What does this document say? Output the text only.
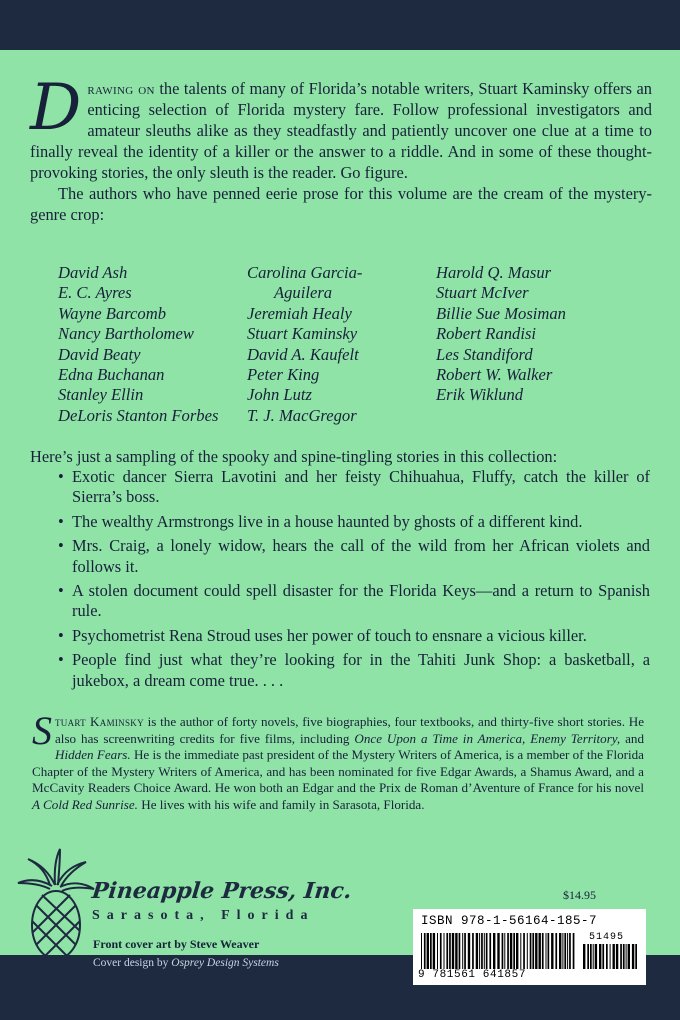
Drawing on the talents of many of Florida’s notable writers, Stuart Kaminsky offers an enticing selection of Florida mystery fare. Follow professional investigators and amateur sleuths alike as they steadfastly and patiently uncover one clue at a time to finally reveal the identity of a killer or the answer to a riddle. And in some of these thought-provoking stories, the only sleuth is the reader. Go figure.

The authors who have penned eerie prose for this volume are the cream of the mystery-genre crop:

David Ash
E. C. Ayres
Wayne Barcomb
Nancy Bartholomew
David Beaty
Edna Buchanan
Stanley Ellin
DeLoris Stanton Forbes
Carolina Garcia-
Aguilera
Jeremiah Healy
Stuart Kaminsky
David A. Kaufelt
Peter King
John Lutz
T. J. MacGregor
Harold Q. Masur
Stuart McIver
Billie Sue Mosiman
Robert Randisi
Les Standiford
Robert W. Walker
Erik Wiklund
Here’s just a sampling of the spooky and spine-tingling stories in this collection:
• Exotic dancer Sierra Lavotini and her feisty Chihuahua, Fluffy, catch the killer of Sierra’s boss.
• The wealthy Armstrongs live in a house haunted by ghosts of a different kind.
• Mrs. Craig, a lonely widow, hears the call of the wild from her African violets and follows it.
• A stolen document could spell disaster for the Florida Keys—and a return to Spanish rule.
• Psychometrist Rena Stroud uses her power of touch to ensnare a vicious killer.
• People find just what they’re looking for in the Tahiti Junk Shop: a basketball, a jukebox, a dream come true. . . .
Stuart Kaminsky is the author of forty novels, five biographies, four textbooks, and thirty-five short stories. He also has screenwriting credits for five films, including Once Upon a Time in America, Enemy Territory, and Hidden Fears. He is the immediate past president of the Mystery Writers of America, is a member of the Florida Chapter of the Mystery Writers of America, and has been nominated for five Edgar Awards, a Shamus Award, and a McCavity Readers Choice Award. He won both an Edgar and the Prix de Roman d’Aventure of France for his novel A Cold Red Sunrise. He lives with his wife and family in Sarasota, Florida.
Pineapple Press, Inc.
Sarasota, Florida
Front cover art by Steve Weaver
$14.95
Cover design by Osprey Design Systems
ISBN 978-1-56164-185-7
51495
9 781561 641857
